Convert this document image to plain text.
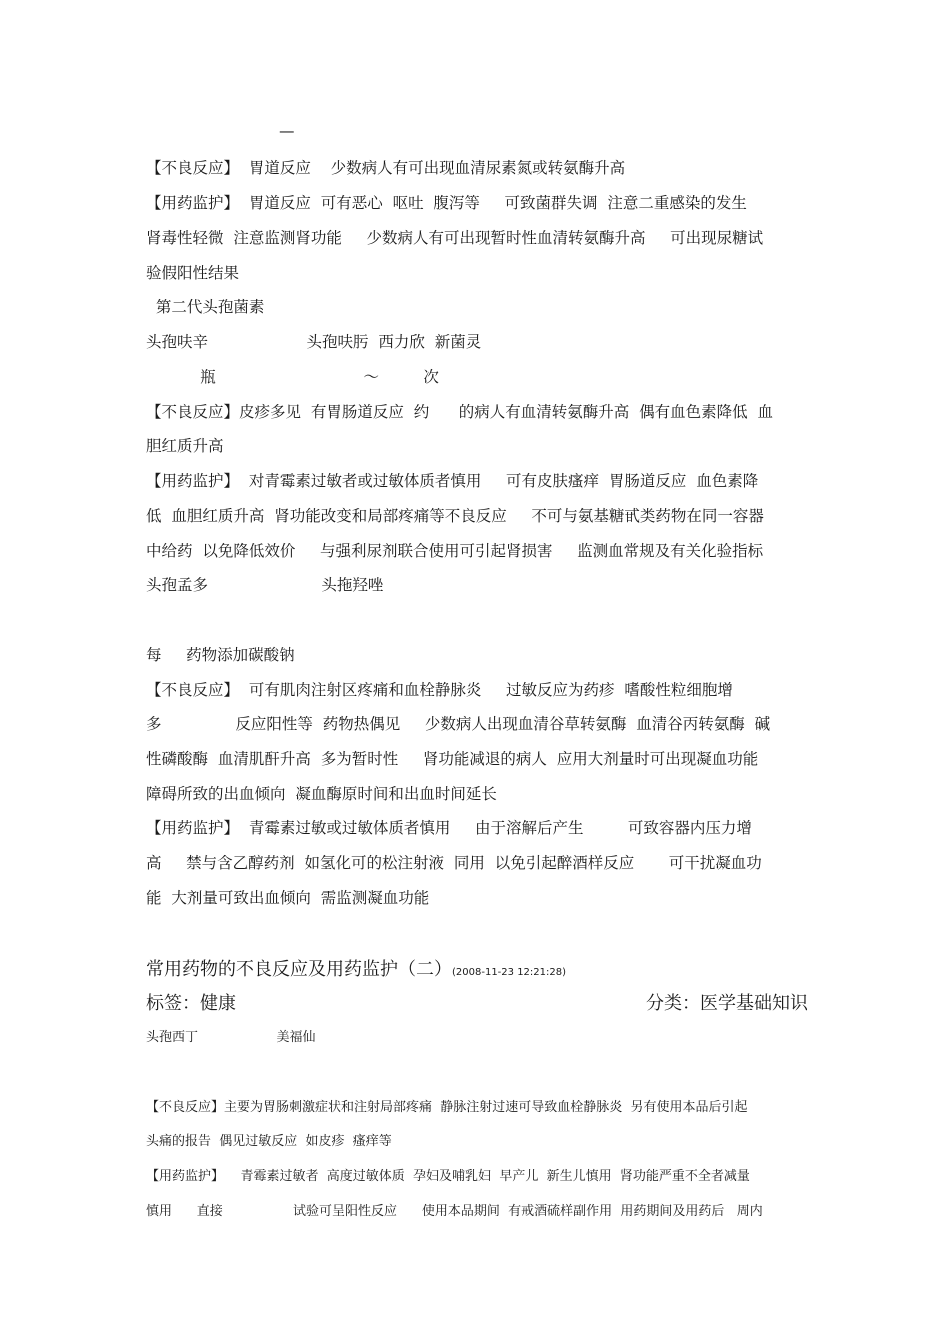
—
【不良反应】  胃道反应    少数病人有可出现血清尿素氮或转氨酶升高
【用药监护】  胃道反应  可有恶心  呕吐  腹泻等     可致菌群失调  注意二重感染的发生
肾毒性轻微  注意监测肾功能     少数病人有可出现暂时性血清转氨酶升高     可出现尿糖试
验假阳性结果
第二代头孢菌素
头孢呋辛                    头孢呋肟  西力欣  新菌灵
瓶                              ～         次
【不良反应】皮疹多见  有胃肠道反应  约      的病人有血清转氨酶升高  偶有血色素降低  血
胆红质升高
【用药监护】  对青霉素过敏者或过敏体质者慎用     可有皮肤瘙痒  胃肠道反应  血色素降
低  血胆红质升高  肾功能改变和局部疼痛等不良反应     不可与氨基糖甙类药物在同一容器
中给药  以免降低效价     与强利尿剂联合使用可引起肾损害     监测血常规及有关化验指标
头孢孟多                       头拖羟唑
每     药物添加碳酸钠
【不良反应】  可有肌肉注射区疼痛和血栓静脉炎     过敏反应为药疹  嗜酸性粒细胞增
多               反应阳性等  药物热偶见     少数病人出现血清谷草转氨酶  血清谷丙转氨酶  碱
性磷酸酶  血清肌酐升高  多为暂时性     肾功能减退的病人  应用大剂量时可出现凝血功能
障碍所致的出血倾向  凝血酶原时间和出血时间延长
【用药监护】  青霉素过敏或过敏体质者慎用     由于溶解后产生         可致容器内压力增
高     禁与含乙醇药剂  如氢化可的松注射液  同用  以免引起醉酒样反应       可干扰凝血功
能  大剂量可致出血倾向  需监测凝血功能
常用药物的不良反应及用药监护（二）(2008-11-23 12:21:28)
标签：健康	分类：医学基础知识
头孢西丁                   美福仙
【不良反应】主要为胃肠刺激症状和注射局部疼痛  静脉注射过速可导致血栓静脉炎  另有使用本品后引起
头痛的报告  偶见过敏反应  如皮疹  瘙痒等
【用药监护】    青霉素过敏者  高度过敏体质  孕妇及哺乳妇  早产儿  新生儿慎用  肾功能严重不全者减量
慎用      直接                 试验可呈阳性反应      使用本品期间  有戒酒硫样副作用  用药期间及用药后   周内
